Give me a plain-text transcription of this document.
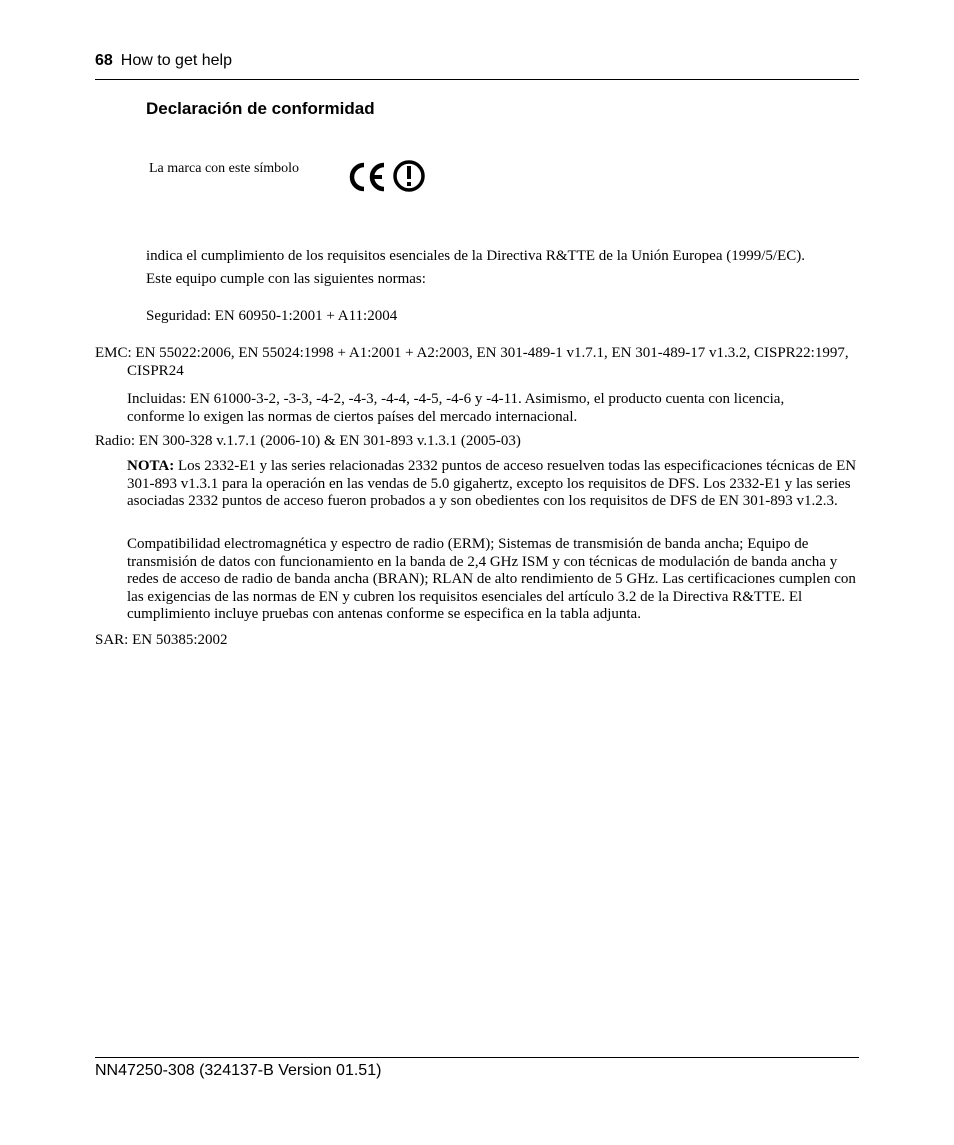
68 How to get help
Declaración de conformidad
La marca con este símbolo
indica el cumplimiento de los requisitos esenciales de la Directiva R&TTE de la Unión Europea (1999/5/EC).
Este equipo cumple con las siguientes normas:
Seguridad: EN 60950-1:2001 + A11:2004
EMC: EN 55022:2006, EN 55024:1998 + A1:2001 + A2:2003, EN 301-489-1 v1.7.1, EN 301-489-17 v1.3.2, CISPR22:1997, CISPR24
Incluidas: EN 61000-3-2, -3-3, -4-2, -4-3, -4-4, -4-5, -4-6 y -4-11. Asimismo, el producto cuenta con licencia, conforme lo exigen las normas de ciertos países del mercado internacional.
Radio: EN 300-328 v.1.7.1 (2006-10) & EN 301-893 v.1.3.1 (2005-03)
NOTA: Los 2332-E1 y las series relacionadas 2332 puntos de acceso resuelven todas las especificaciones técnicas de EN 301-893 v1.3.1 para la operación en las vendas de 5.0 gigahertz, excepto los requisitos de DFS. Los 2332-E1 y las series asociadas 2332 puntos de acceso fueron probados a y son obedientes con los requisitos de DFS de EN 301-893 v1.2.3.
Compatibilidad electromagnética y espectro de radio (ERM); Sistemas de transmisión de banda ancha; Equipo de transmisión de datos con funcionamiento en la banda de 2,4 GHz ISM y con técnicas de modulación de banda ancha y redes de acceso de radio de banda ancha (BRAN); RLAN de alto rendimiento de 5 GHz. Las certificaciones cumplen con las exigencias de las normas de EN y cubren los requisitos esenciales del artículo 3.2 de la Directiva R&TTE. El cumplimiento incluye pruebas con antenas conforme se especifica en la tabla adjunta.
SAR: EN 50385:2002
NN47250-308 (324137-B Version 01.51)
